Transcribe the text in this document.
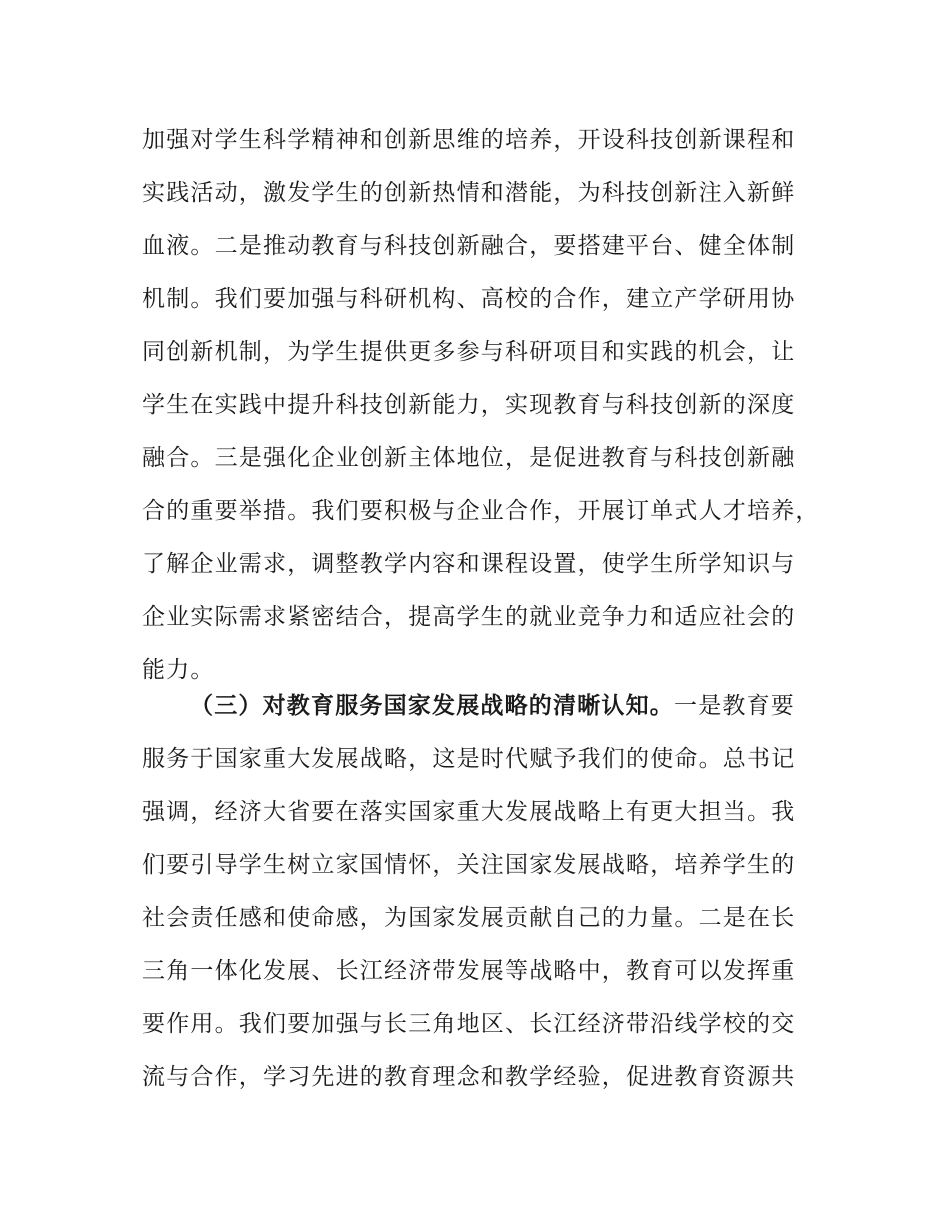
加强对学生科学精神和创新思维的培养，开设科技创新课程和
实践活动，激发学生的创新热情和潜能，为科技创新注入新鲜
血液。二是推动教育与科技创新融合，要搭建平台、健全体制
机制。我们要加强与科研机构、高校的合作，建立产学研用协
同创新机制，为学生提供更多参与科研项目和实践的机会，让
学生在实践中提升科技创新能力，实现教育与科技创新的深度
融合。三是强化企业创新主体地位，是促进教育与科技创新融
合的重要举措。我们要积极与企业合作，开展订单式人才培养，
了解企业需求，调整教学内容和课程设置，使学生所学知识与
企业实际需求紧密结合，提高学生的就业竞争力和适应社会的
能力。
（三）对教育服务国家发展战略的清晰认知。一是教育要
服务于国家重大发展战略，这是时代赋予我们的使命。总书记
强调，经济大省要在落实国家重大发展战略上有更大担当。我
们要引导学生树立家国情怀，关注国家发展战略，培养学生的
社会责任感和使命感，为国家发展贡献自己的力量。二是在长
三角一体化发展、长江经济带发展等战略中，教育可以发挥重
要作用。我们要加强与长三角地区、长江经济带沿线学校的交
流与合作，学习先进的教育理念和教学经验，促进教育资源共
